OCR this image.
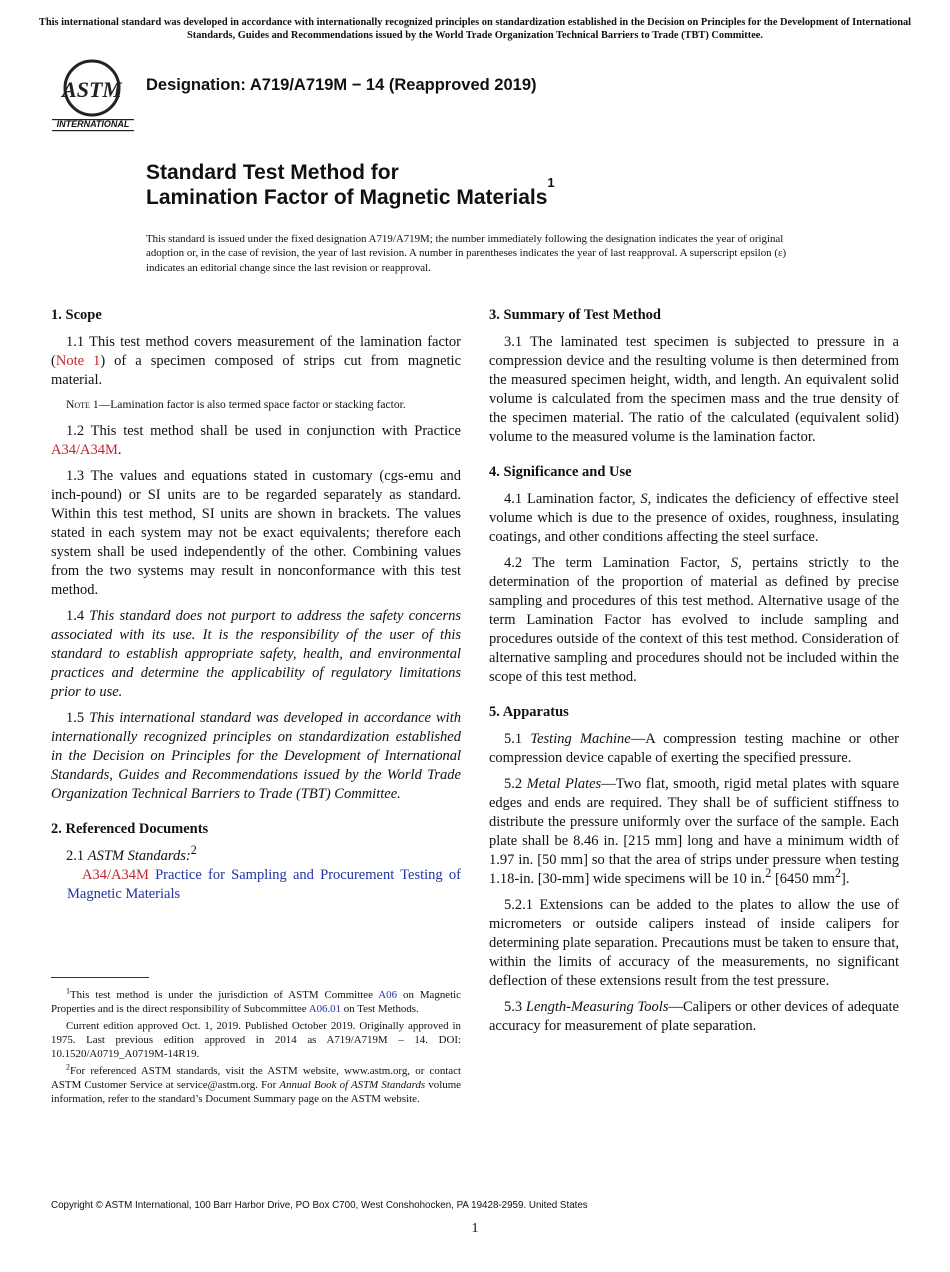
This international standard was developed in accordance with internationally recognized principles on standardization established in the Decision on Principles for the Development of International Standards, Guides and Recommendations issued by the World Trade Organization Technical Barriers to Trade (TBT) Committee.
ASTM
INTERNATIONAL
Designation: A719/A719M − 14 (Reapproved 2019)
Standard Test Method for
Lamination Factor of Magnetic Materials$^1$
This standard is issued under the fixed designation A719/A719M; the number immediately following the designation indicates the year of original adoption or, in the case of revision, the year of last revision. A number in parentheses indicates the year of last reapproval. A superscript epsilon (ε) indicates an editorial change since the last revision or reapproval.
1. Scope

1.1 This test method covers measurement of the lamination factor (Note 1) of a specimen composed of strips cut from magnetic material.

Note 1—Lamination factor is also termed space factor or stacking factor.

1.2 This test method shall be used in conjunction with Practice A34/A34M.

1.3 The values and equations stated in customary (cgs-emu and inch-pound) or SI units are to be regarded separately as standard. Within this test method, SI units are shown in brackets. The values stated in each system may not be exact equivalents; therefore each system shall be used independently of the other. Combining values from the two systems may result in nonconformance with this test method.

1.4 This standard does not purport to address the safety concerns associated with its use. It is the responsibility of the user of this standard to establish appropriate safety, health, and environmental practices and determine the applicability of regulatory limitations prior to use.

1.5 This international standard was developed in accordance with internationally recognized principles on standardization established in the Decision on Principles for the Development of International Standards, Guides and Recommendations issued by the World Trade Organization Technical Barriers to Trade (TBT) Committee.

2. Referenced Documents

2.1 ASTM Standards:$^2$

A34/A34M Practice for Sampling and Procurement Testing of Magnetic Materials

$^1$This test method is under the jurisdiction of ASTM Committee A06 on Magnetic Properties and is the direct responsibility of Subcommittee A06.01 on Test Methods.

Current edition approved Oct. 1, 2019. Published October 2019. Originally approved in 1975. Last previous edition approved in 2014 as A719/A719M – 14. DOI: 10.1520/A0719_A0719M-14R19.

$^2$For referenced ASTM standards, visit the ASTM website, www.astm.org, or contact ASTM Customer Service at service@astm.org. For Annual Book of ASTM Standards volume information, refer to the standard’s Document Summary page on the ASTM website.

3. Summary of Test Method

3.1 The laminated test specimen is subjected to pressure in a compression device and the resulting volume is then determined from the measured specimen height, width, and length. An equivalent solid volume is calculated from the specimen mass and the true density of the specimen material. The ratio of the calculated (equivalent solid) volume to the measured volume is the lamination factor.

4. Significance and Use

4.1 Lamination factor, S, indicates the deficiency of effective steel volume which is due to the presence of oxides, roughness, insulating coatings, and other conditions affecting the steel surface.

4.2 The term Lamination Factor, S, pertains strictly to the determination of the proportion of material as defined by precise sampling and procedures of this test method. Alternative usage of the term Lamination Factor has evolved to include sampling and procedures outside of the context of this test method. Consideration of alternative sampling and procedures should not be included within the scope of this test method.

5. Apparatus

5.1 Testing Machine—A compression testing machine or other compression device capable of exerting the specified pressure.

5.2 Metal Plates—Two flat, smooth, rigid metal plates with square edges and ends are required. They shall be of sufficient stiffness to distribute the pressure uniformly over the surface of the sample. Each plate shall be 8.46 in. [215 mm] long and have a minimum width of 1.97 in. [50 mm] so that the area of strips under pressure when testing 1.18-in. [30-mm] wide specimens will be 10 in.$^2$ [6450 $mm^2$].

5.2.1 Extensions can be added to the plates to allow the use of micrometers or outside calipers instead of inside calipers for determining plate separation. Precautions must be taken to ensure that, within the limits of accuracy of the measurements, no significant deflection of these extensions result from the test pressure.

5.3 Length-Measuring Tools—Calipers or other devices of adequate accuracy for measurement of plate separation.

Copyright © ASTM International, 100 Barr Harbor Drive, PO Box C700, West Conshohocken, PA 19428-2959. United States
1
